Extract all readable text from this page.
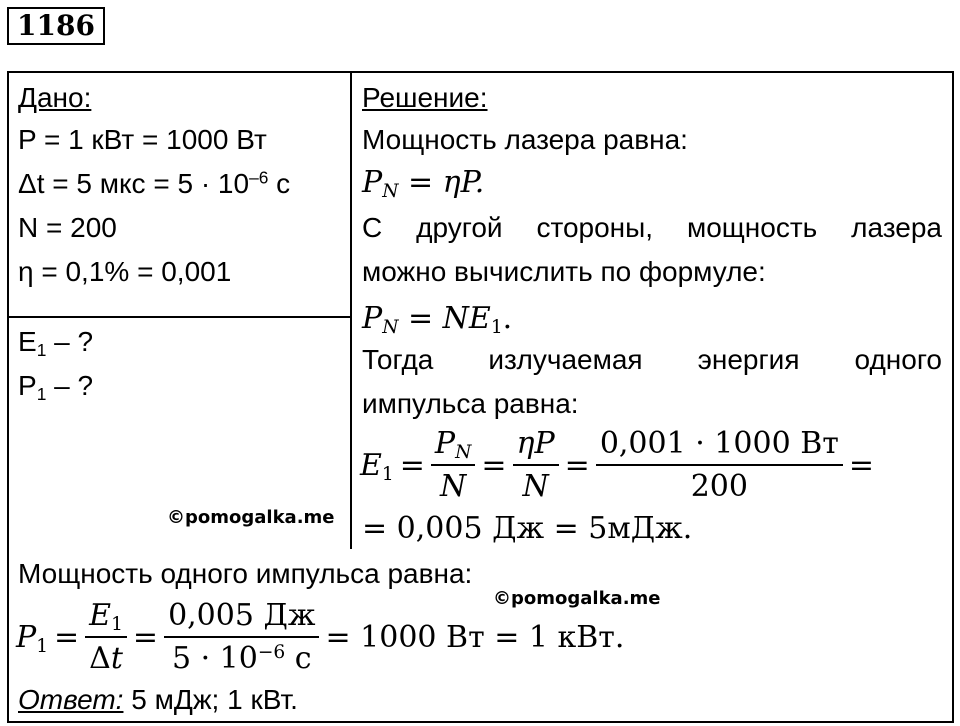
1186
Дано:
P = 1 кВт = 1000 Вт
Δt = 5 мкс = $5 \cdot 10^{-6}$ с
N = 200
η = 0,1% = 0,001
$E_1$ – ?
$P_1$ – ?
©pomogalka.me
Решение:
Мощность лазера равна:
$P_N = \eta P$.
С другой стороны, мощность лазера
можно вычислить по формуле:
$P_N = NE_1$.
Тогда излучаемая энергия одного
импульса равна:
$E_1 = \frac{P_N}{N} = \frac{\eta P}{N} = \frac{0,001 \cdot 1000 Вт}{200}$ =
= 0,005 Дж = 5мДж.
Мощность одного импульса равна:
©pomogalka.me
$P_1 = \frac{E_1}{\Delta t} = \frac{0,005 Дж}{5 \cdot 10^{-6} с} = 1000$ Вт = 1 кВт.
Ответ: 5 мДж; 1 кВт.
